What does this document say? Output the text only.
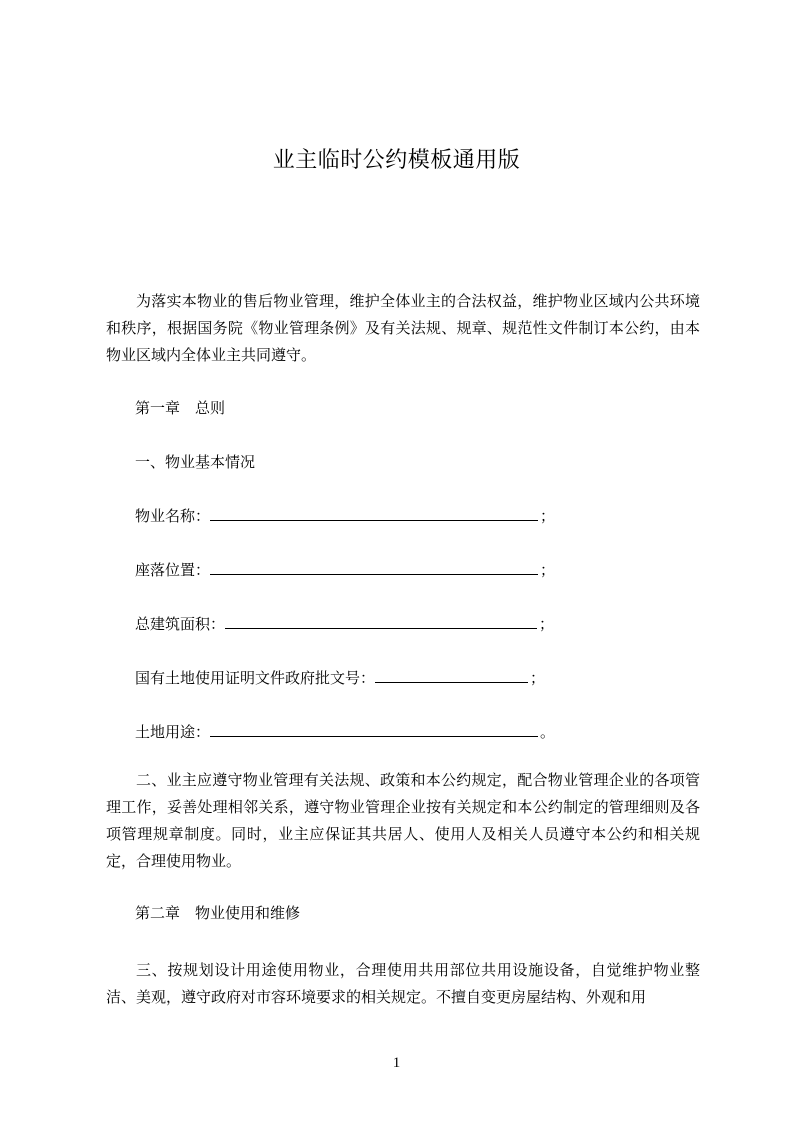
业主临时公约模板通用版

为落实本物业的售后物业管理，维护全体业主的合法权益，维护物业区域内公共环境和秩序，根据国务院《物业管理条例》及有关法规、规章、规范性文件制订本公约，由本物业区域内全体业主共同遵守。

第一章 总则
一、物业基本情况
物业名称：	；
座落位置：	；
总建筑面积：	；
国有土地使用证明文件政府批文号：	；
土地用途：	。

二、业主应遵守物业管理有关法规、政策和本公约规定，配合物业管理企业的各项管理工作，妥善处理相邻关系，遵守物业管理企业按有关规定和本公约制定的管理细则及各项管理规章制度。同时，业主应保证其共居人、使用人及相关人员遵守本公约和相关规定，合理使用物业。

第二章 物业使用和维修

三、按规划设计用途使用物业，合理使用共用部位共用设施设备，自觉维护物业整洁、美观，遵守政府对市容环境要求的相关规定。不擅自变更房屋结构、外观和用

1
